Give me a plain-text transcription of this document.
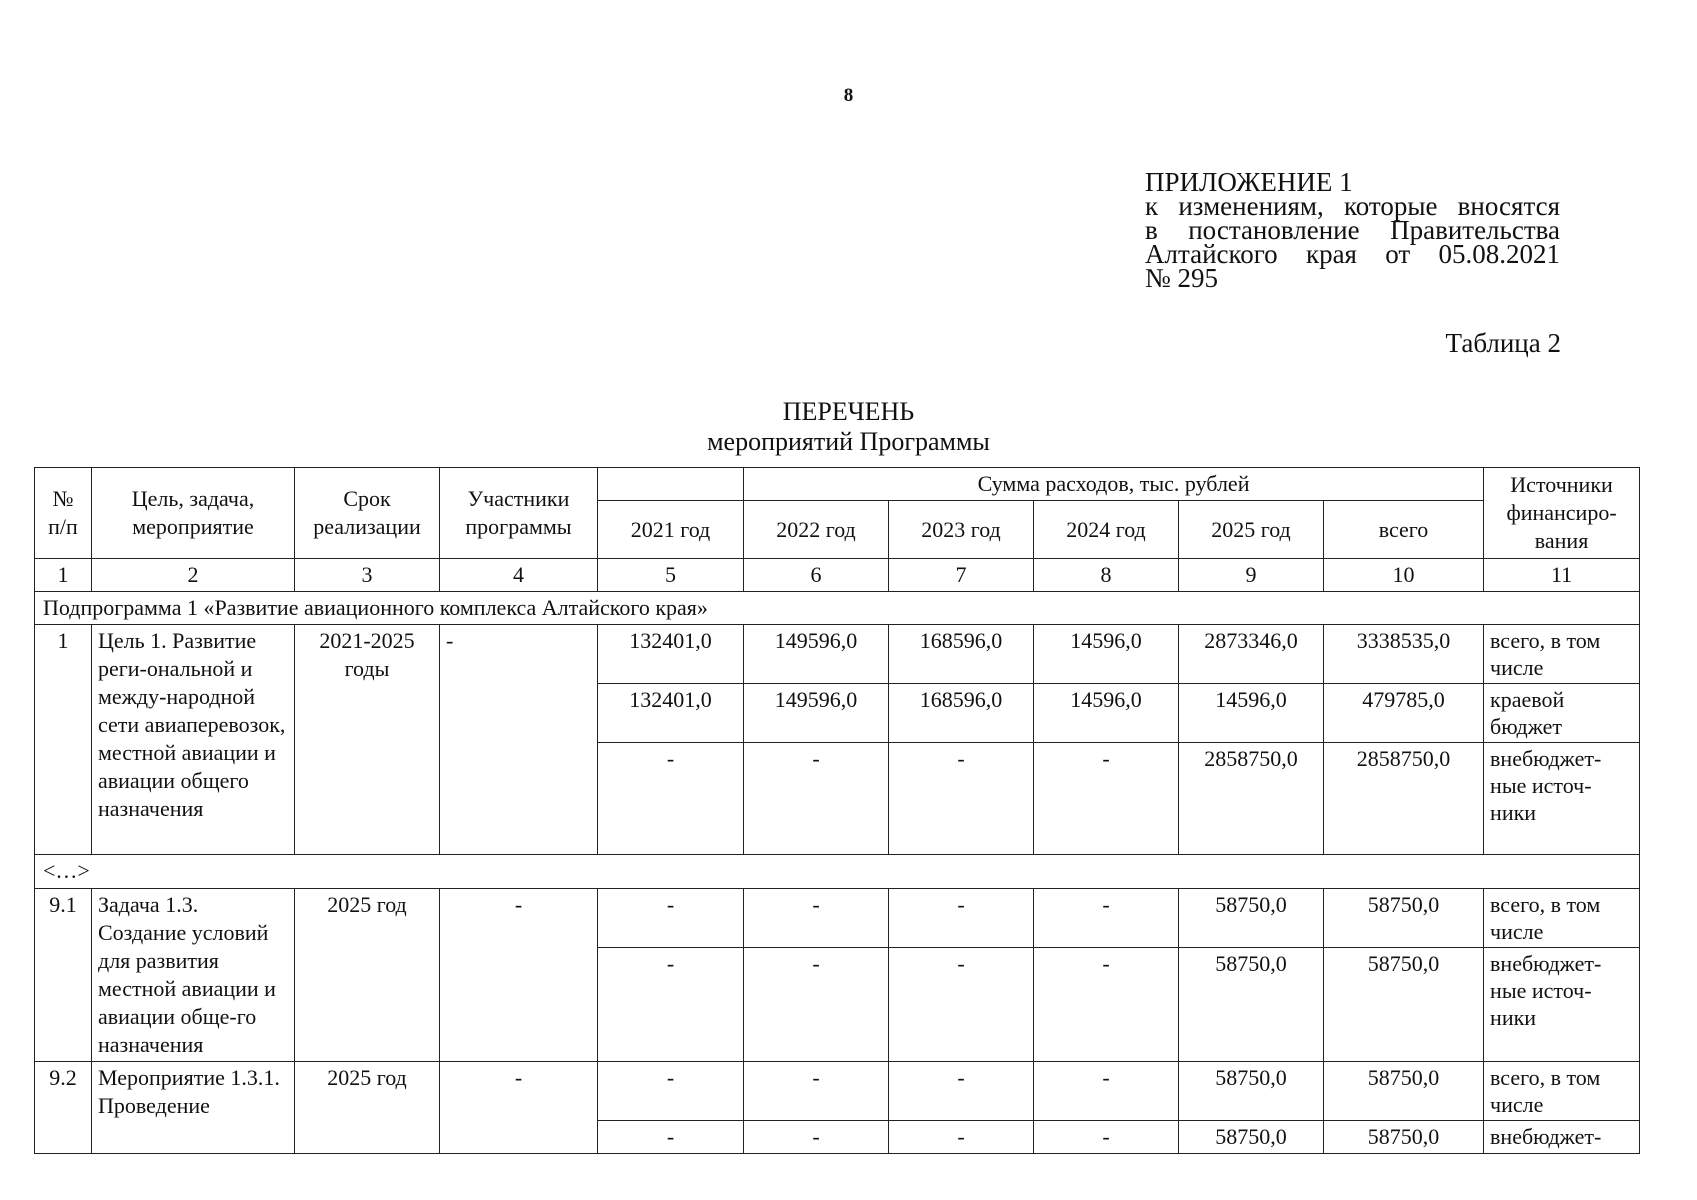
8
ПРИЛОЖЕНИЕ 1
к изменениям, которые вносятся
в постановление Правительства
Алтайского края от 05.08.2021
№ 295
Таблица 2
ПЕРЕЧЕНЬ
мероприятий Программы
№ п/п	Цель, задача, мероприятие	Срок реализации	Участники программы		Сумма расходов, тыс. рублей					Источники финансиро-вания
				2021 год	2022 год	2023 год	2024 год	2025 год	всего	
1	2	3	4	5	6	7	8	9	10	11
Подпрограмма 1 «Развитие авиационного комплекса Алтайского края»										
1	Цель 1. Развитие реги-ональной и между-народной сети авиаперевозок, местной авиации и авиации общего назначения	2021-2025 годы	-	132401,0	149596,0	168596,0	14596,0	2873346,0	3338535,0	всего, в том числе
				132401,0	149596,0	168596,0	14596,0	14596,0	479785,0	краевой бюджет
				-	-	-	-	2858750,0	2858750,0	внебюджет-ные источ-ники
<…>										
9.1	Задача 1.3. Создание условий для развития местной авиации и авиации обще-го назначения	2025 год	-	-	-	-	-	58750,0	58750,0	всего, в том числе
				-	-	-	-	58750,0	58750,0	внебюджет-ные источ-ники
9.2	Мероприятие 1.3.1. Проведение	2025 год	-	-	-	-	-	58750,0	58750,0	всего, в том числе
				-	-	-	-	58750,0	58750,0	внебюджет-
